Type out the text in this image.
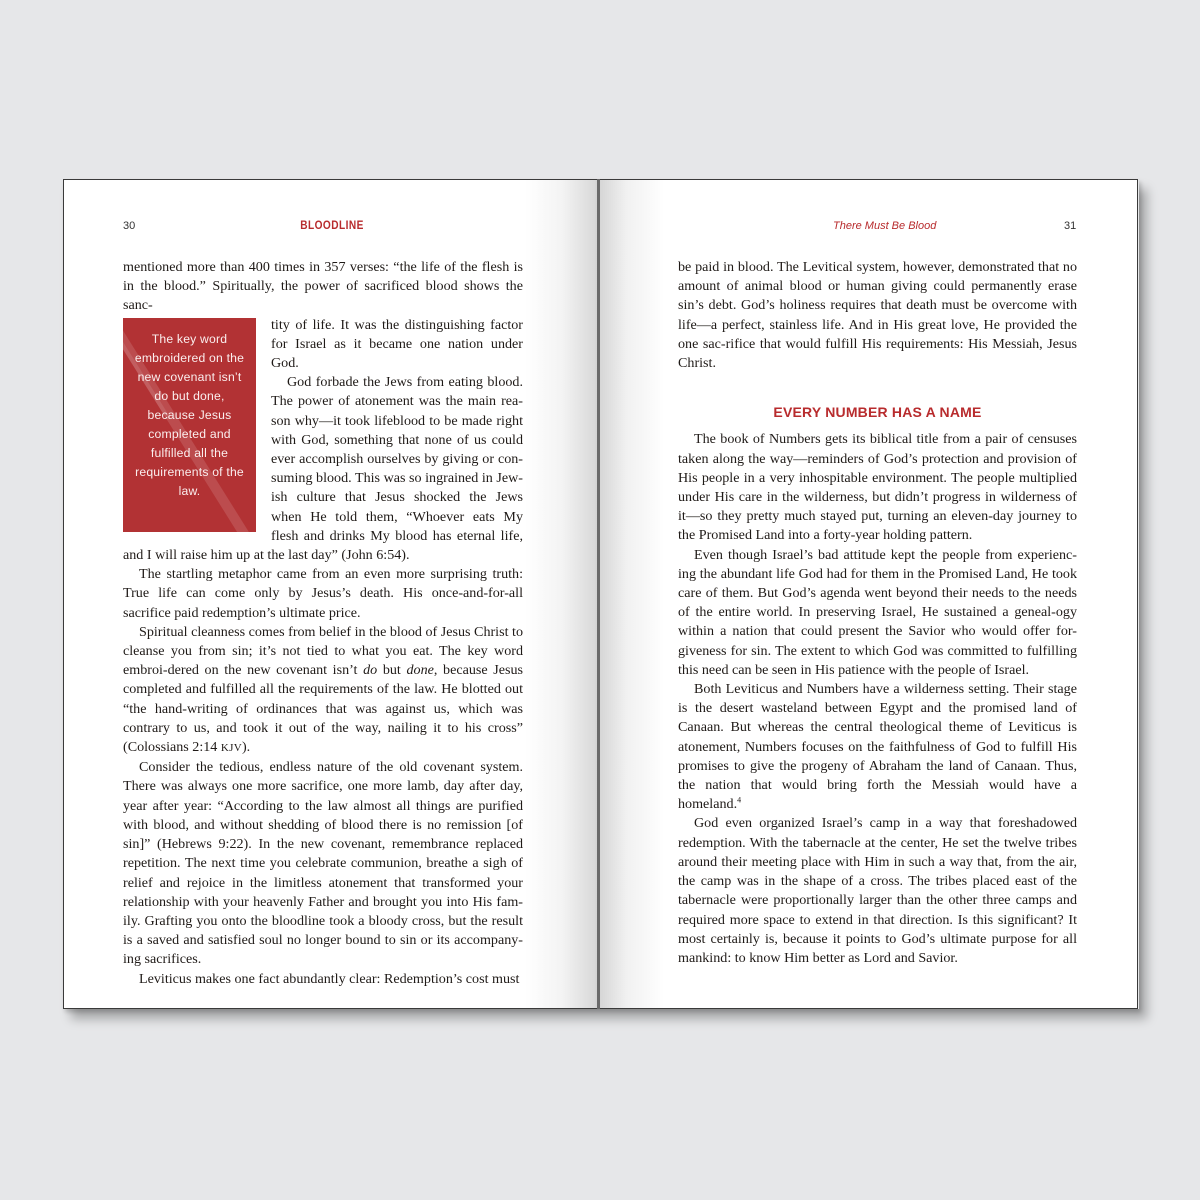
30	BLOODLINE

mentioned more than 400 times in 357 verses: “the life of the flesh is in the blood.” Spiritually, the power of sacrificed blood shows the sanc-

The key word embroidered on the new covenant isn’t do but done, because Jesus completed and fulfilled all the requirements of the law.

tity of life. It was the distinguishing factor for Israel as it became one nation under God.

God forbade the Jews from eating blood. The power of atonement was the main rea-son why—it took lifeblood to be made right with God, something that none of us could ever accomplish ourselves by giving or con-suming blood. This was so ingrained in Jew-ish culture that Jesus shocked the Jews when He told them, “Whoever eats My flesh and drinks My blood has eternal life, and I will raise him up at the last day” (John 6:54).

The startling metaphor came from an even more surprising truth: True life can come only by Jesus’s death. His once-and-for-all sacrifice paid redemption’s ultimate price.

Spiritual cleanness comes from belief in the blood of Jesus Christ to cleanse you from sin; it’s not tied to what you eat. The key word embroi-dered on the new covenant isn’t do but done, because Jesus completed and fulfilled all the requirements of the law. He blotted out “the hand-writing of ordinances that was against us, which was contrary to us, and took it out of the way, nailing it to his cross” (Colossians 2:14 KJV).

Consider the tedious, endless nature of the old covenant system. There was always one more sacrifice, one more lamb, day after day, year after year: “According to the law almost all things are purified with blood, and without shedding of blood there is no remission [of sin]” (Hebrews 9:22). In the new covenant, remembrance replaced repetition. The next time you celebrate communion, breathe a sigh of relief and rejoice in the limitless atonement that transformed your relationship with your heavenly Father and brought you into His fam-ily. Grafting you onto the bloodline took a bloody cross, but the result is a saved and satisfied soul no longer bound to sin or its accompany-ing sacrifices.

Leviticus makes one fact abundantly clear: Redemption’s cost must

There Must Be Blood	31

be paid in blood. The Levitical system, however, demonstrated that no amount of animal blood or human giving could permanently erase sin’s debt. God’s holiness requires that death must be overcome with life—a perfect, stainless life. And in His great love, He provided the one sac-rifice that would fulfill His requirements: His Messiah, Jesus Christ.

EVERY NUMBER HAS A NAME

The book of Numbers gets its biblical title from a pair of censuses taken along the way—reminders of God’s protection and provision of His people in a very inhospitable environment. The people multiplied under His care in the wilderness, but didn’t progress in wilderness of it—so they pretty much stayed put, turning an eleven-day journey to the Promised Land into a forty-year holding pattern.

Even though Israel’s bad attitude kept the people from experienc-ing the abundant life God had for them in the Promised Land, He took care of them. But God’s agenda went beyond their needs to the needs of the entire world. In preserving Israel, He sustained a geneal-ogy within a nation that could present the Savior who would offer for-giveness for sin. The extent to which God was committed to fulfilling this need can be seen in His patience with the people of Israel.

Both Leviticus and Numbers have a wilderness setting. Their stage is the desert wasteland between Egypt and the promised land of Canaan. But whereas the central theological theme of Leviticus is atonement, Numbers focuses on the faithfulness of God to fulfill His promises to give the progeny of Abraham the land of Canaan. Thus, the nation that would bring forth the Messiah would have a homeland.$^4$

God even organized Israel’s camp in a way that foreshadowed redemption. With the tabernacle at the center, He set the twelve tribes around their meeting place with Him in such a way that, from the air, the camp was in the shape of a cross. The tribes placed east of the tabernacle were proportionally larger than the other three camps and required more space to extend in that direction. Is this significant? It most certainly is, because it points to God’s ultimate purpose for all mankind: to know Him better as Lord and Savior.
